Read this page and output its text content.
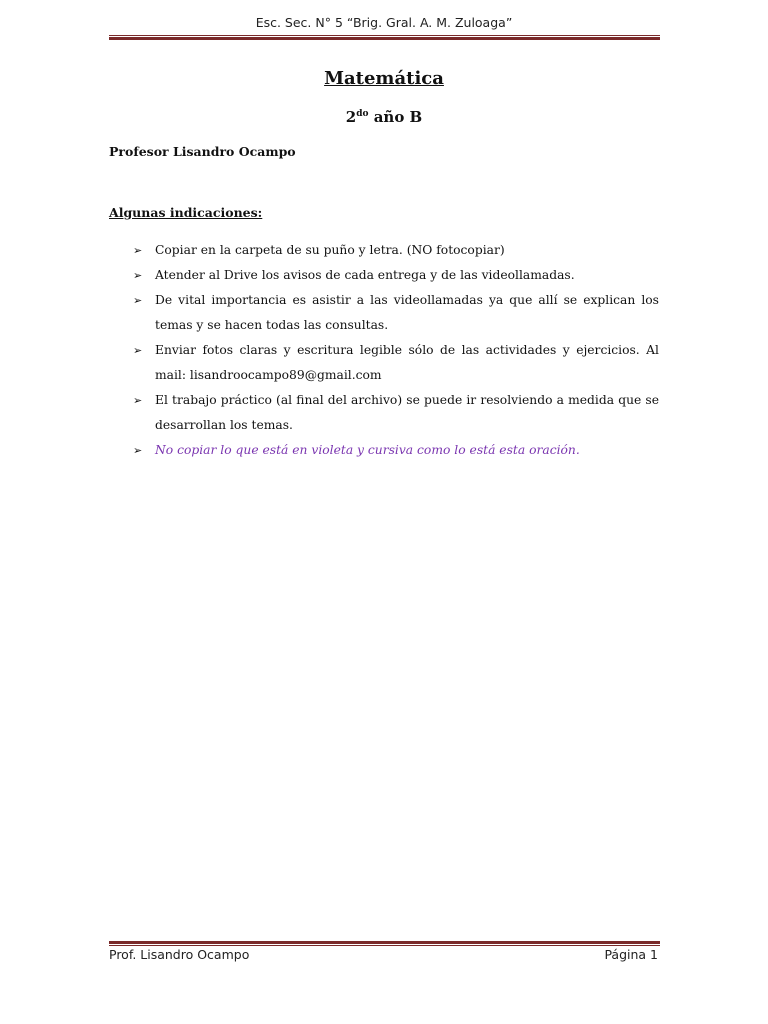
Esc. Sec. N° 5 “Brig. Gral. A. M. Zuloaga”
Matemática
$2^{do}$ año B
Profesor Lisandro Ocampo
Algunas indicaciones:
➢ Copiar en la carpeta de su puño y letra. (NO fotocopiar)
➢ Atender al Drive los avisos de cada entrega y de las videollamadas.
➢ De vital importancia es asistir a las videollamadas ya que allí se explican los temas y se hacen todas las consultas.
➢ Enviar fotos claras y escritura legible sólo de las actividades y ejercicios. Al mail: lisandroocampo89@gmail.com
➢ El trabajo práctico (al final del archivo) se puede ir resolviendo a medida que se desarrollan los temas.
➢ No copiar lo que está en violeta y cursiva como lo está esta oración.
Prof. Lisandro Ocampo	Página 1
